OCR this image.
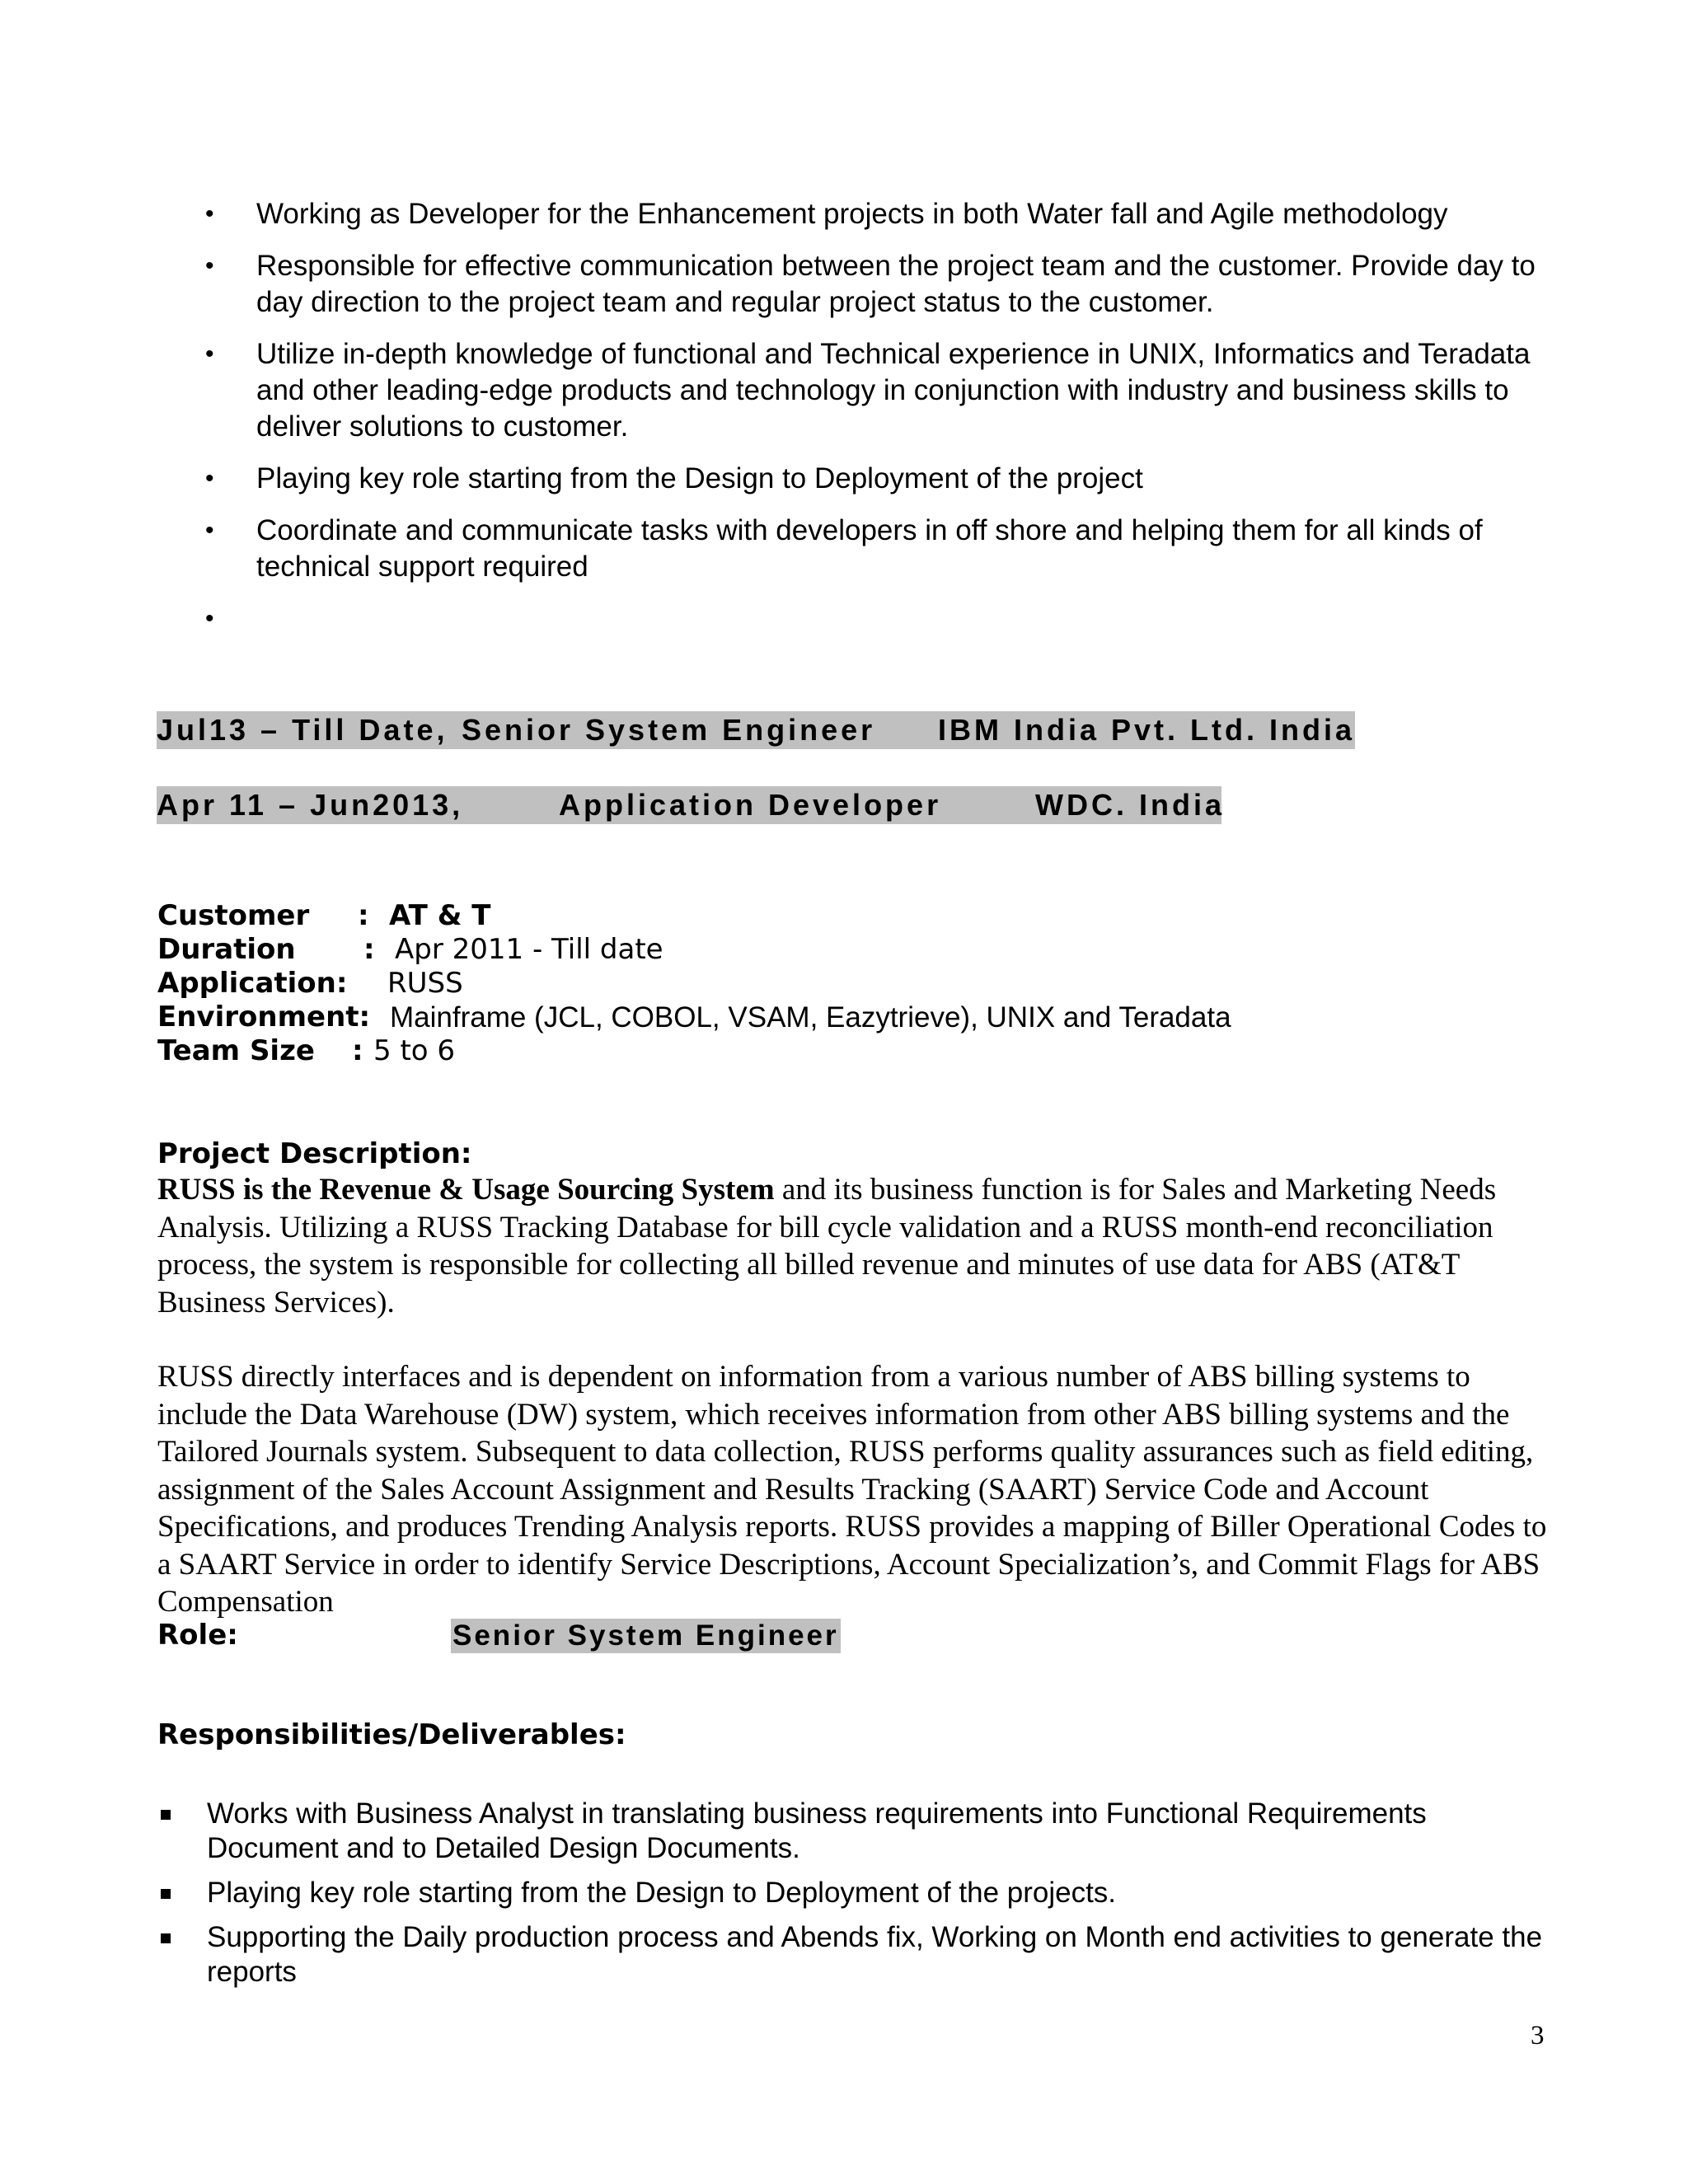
• Working as Developer for the Enhancement projects in both Water fall and Agile methodology
• Responsible for effective communication between the project team and the customer. Provide day to day direction to the project team and regular project status to the customer.
• Utilize in-depth knowledge of functional and Technical experience in UNIX, Informatics and Teradata and other leading-edge products and technology in conjunction with industry and business skills to deliver solutions to customer.
• Playing key role starting from the Design to Deployment of the project
• Coordinate and communicate tasks with developers in off shore and helping them for all kinds of technical support required
•

Jul13 – Till Date, Senior System Engineer IBM India Pvt. Ltd. India
Apr 11 – Jun2013,	Application Developer	WDC. India
Customer : AT & T
Duration : Apr 2011 - Till date
Application: RUSS
Environment: Mainframe (JCL, COBOL, VSAM, Eazytrieve), UNIX and Teradata
Team Size : 5 to 6
Project Description:

RUSS is the Revenue & Usage Sourcing System and its business function is for Sales and Marketing Needs Analysis. Utilizing a RUSS Tracking Database for bill cycle validation and a RUSS month-end reconciliation process, the system is responsible for collecting all billed revenue and minutes of use data for ABS (AT&T Business Services).

RUSS directly interfaces and is dependent on information from a various number of ABS billing systems to include the Data Warehouse (DW) system, which receives information from other ABS billing systems and the Tailored Journals system. Subsequent to data collection, RUSS performs quality assurances such as field editing, assignment of the Sales Account Assignment and Results Tracking (SAART) Service Code and Account Specifications, and produces Trending Analysis reports. RUSS provides a mapping of Biller Operational Codes to a SAART Service in order to identify Service Descriptions, Account Specialization’s, and Commit Flags for ABS Compensation

Role:	Senior System Engineer
Responsibilities/Deliverables:
Works with Business Analyst in translating business requirements into Functional Requirements Document and to Detailed Design Documents.
Playing key role starting from the Design to Deployment of the projects.
Supporting the Daily production process and Abends fix, Working on Month end activities to generate the reports
3
